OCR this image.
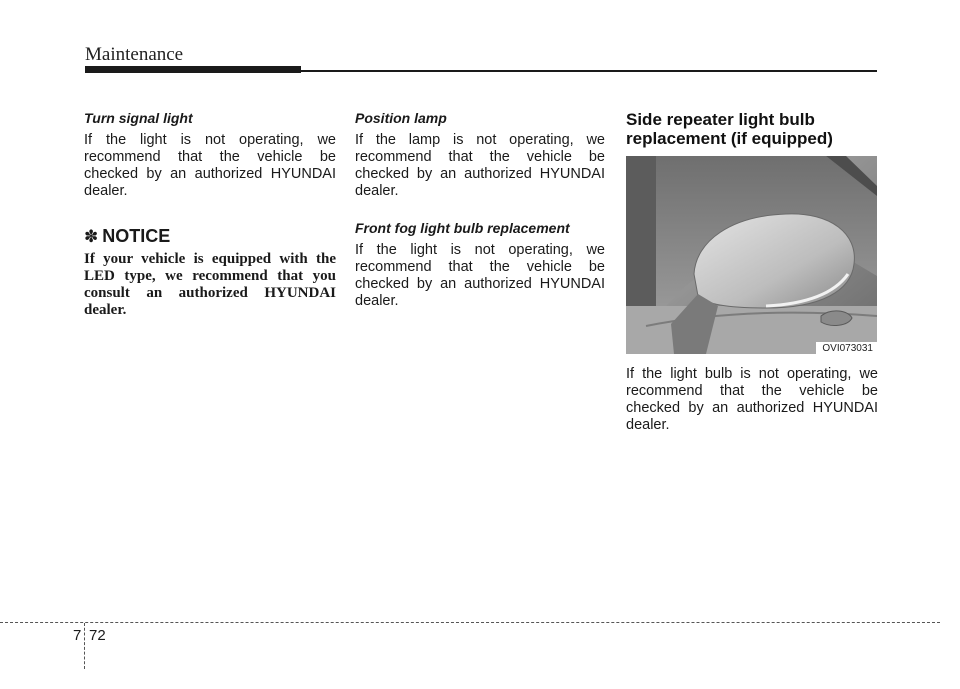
Maintenance

Turn signal light

If the light is not operating, we recommend that the vehicle be checked by an authorized HYUNDAI dealer.

✽ NOTICE

If your vehicle is equipped with the LED type, we recommend that you consult an authorized HYUNDAI dealer.

Position lamp

If the lamp is not operating, we recommend that the vehicle be checked by an authorized HYUNDAI dealer.

Front fog light bulb replacement

If the light is not operating, we recommend that the vehicle be checked by an authorized HYUNDAI dealer.

Side repeater light bulb replacement (if equipped)

OVI073031

If the light bulb is not operating, we recommend that the vehicle be checked by an authorized HYUNDAI dealer.

7 72
